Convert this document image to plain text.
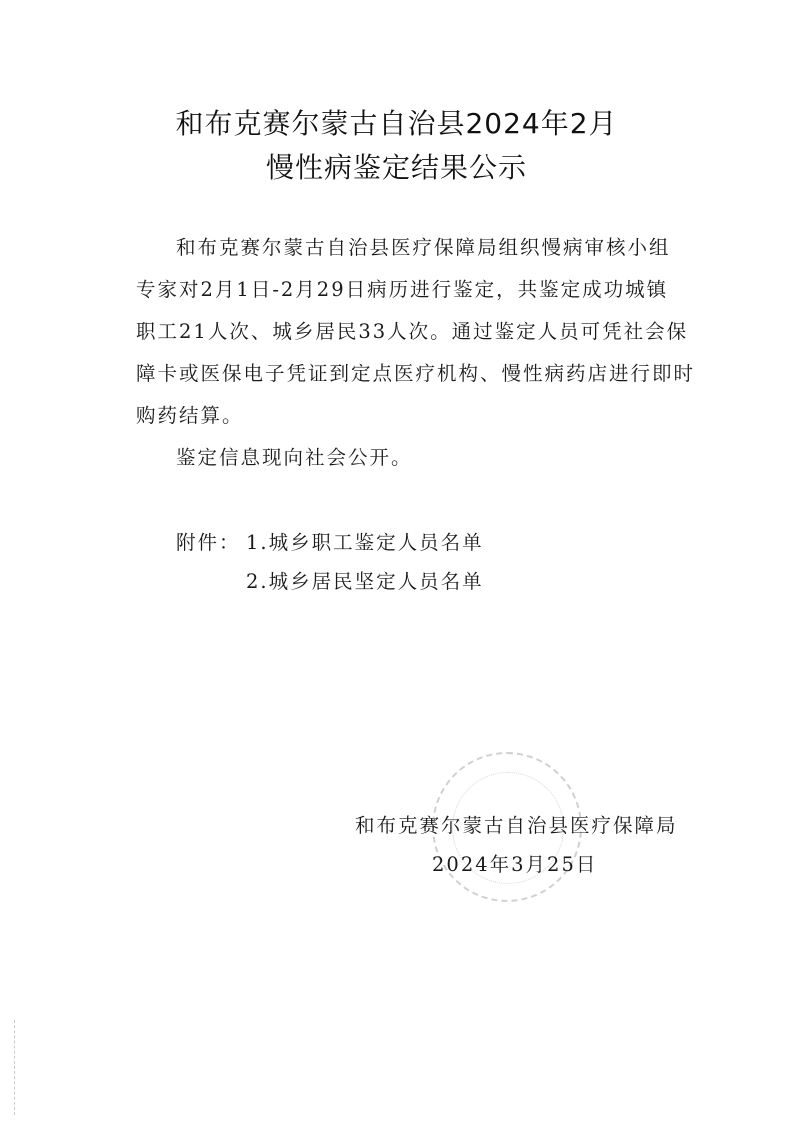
和布克赛尔蒙古自治县2024年2月
慢性病鉴定结果公示
和布克赛尔蒙古自治县医疗保障局组织慢病审核小组
专家对2月1日-2月29日病历进行鉴定，共鉴定成功城镇
职工21人次、城乡居民33人次。通过鉴定人员可凭社会保
障卡或医保电子凭证到定点医疗机构、慢性病药店进行即时
购药结算。
鉴定信息现向社会公开。
附件： 1.城乡职工鉴定人员名单
2.城乡居民坚定人员名单
和布克赛尔蒙古自治县医疗保障局
2024年3月25日
